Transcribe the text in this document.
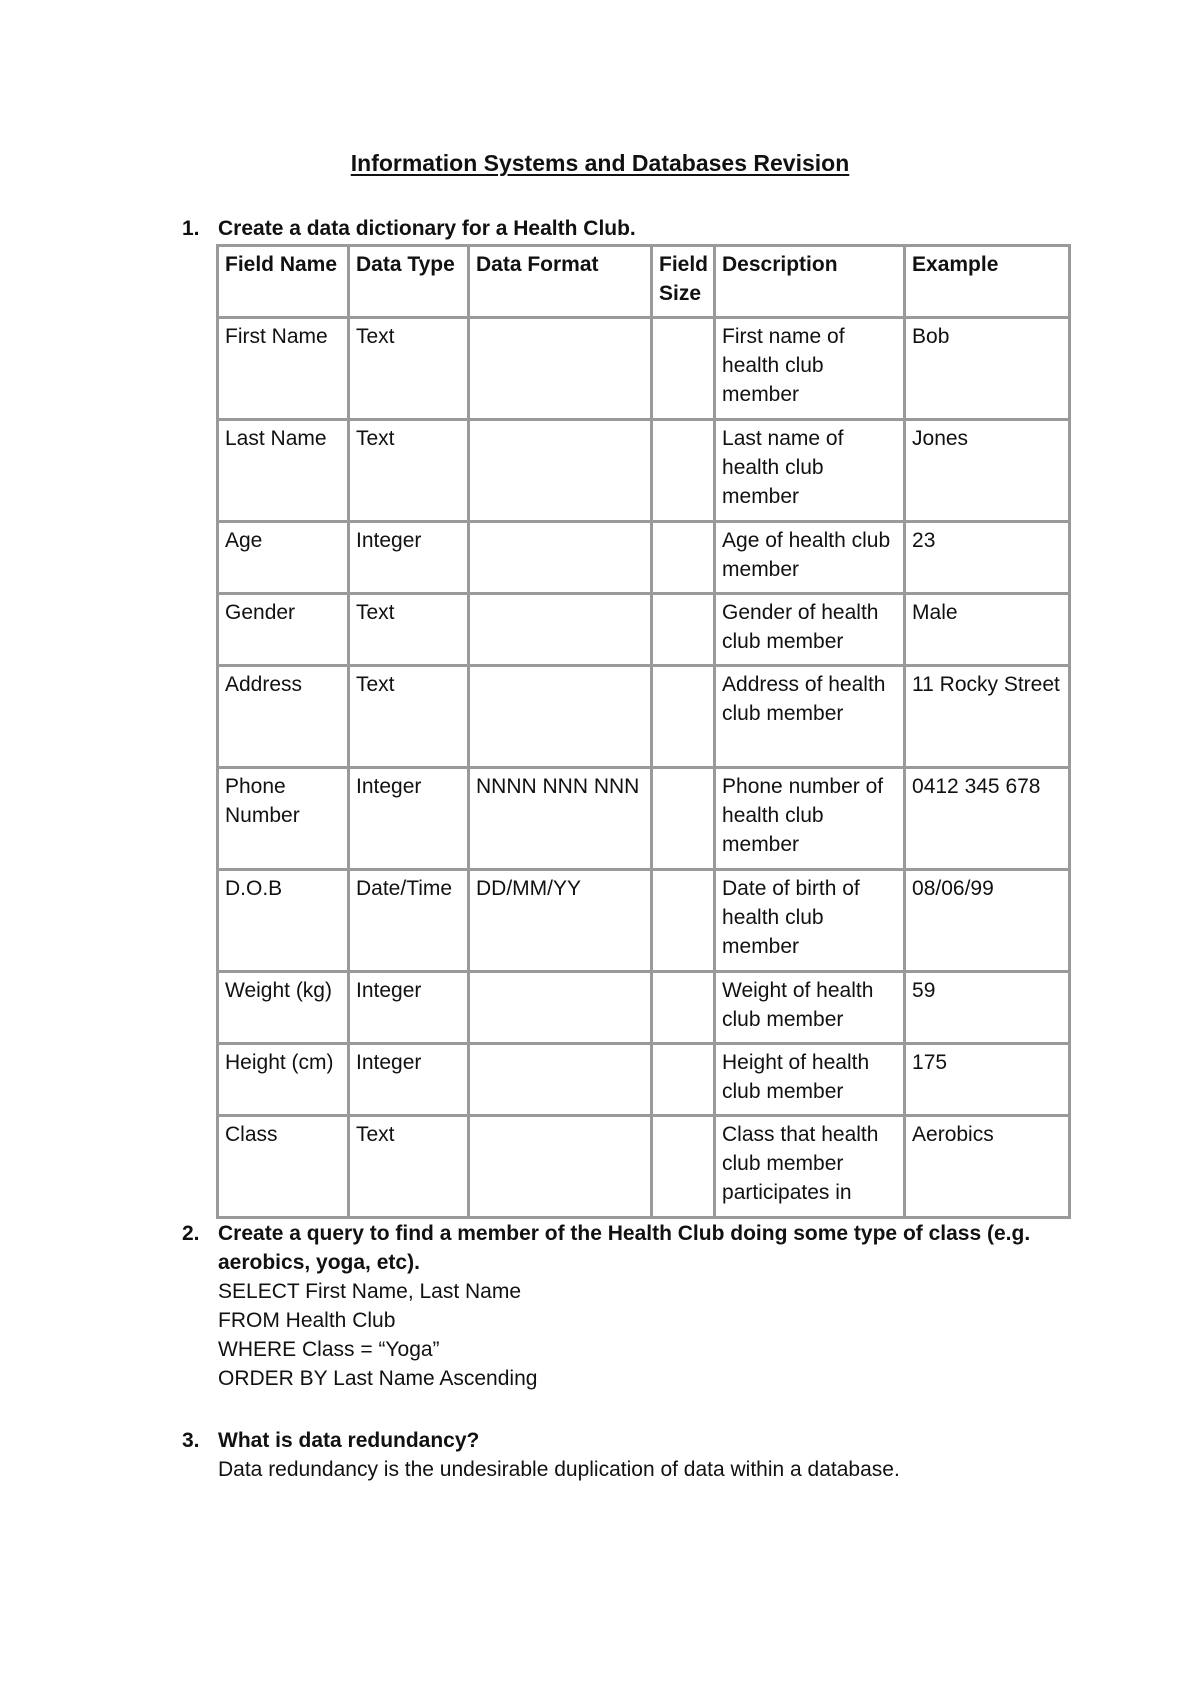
Information Systems and Databases Revision
1. Create a data dictionary for a Health Club.
Field Name	Data Type	Data Format	Field Size	Description	Example
First Name	Text			First name of health club member	Bob
Last Name	Text			Last name of health club member	Jones
Age	Integer			Age of health club member	23
Gender	Text			Gender of health club member	Male
Address	Text			Address of health club member	11 Rocky Street
Phone Number	Integer	NNNN NNN NNN		Phone number of health club member	0412 345 678
D.O.B	Date/Time	DD/MM/YY		Date of birth of health club member	08/06/99
Weight (kg)	Integer			Weight of health club member	59
Height (cm)	Integer			Height of health club member	175
Class	Text			Class that health club member participates in	Aerobics
2. Create a query to find a member of the Health Club doing some type of class (e.g. aerobics, yoga, etc).
SELECT First Name, Last Name
FROM Health Club
WHERE Class = “Yoga”
ORDER BY Last Name Ascending
3. What is data redundancy?
Data redundancy is the undesirable duplication of data within a database.
